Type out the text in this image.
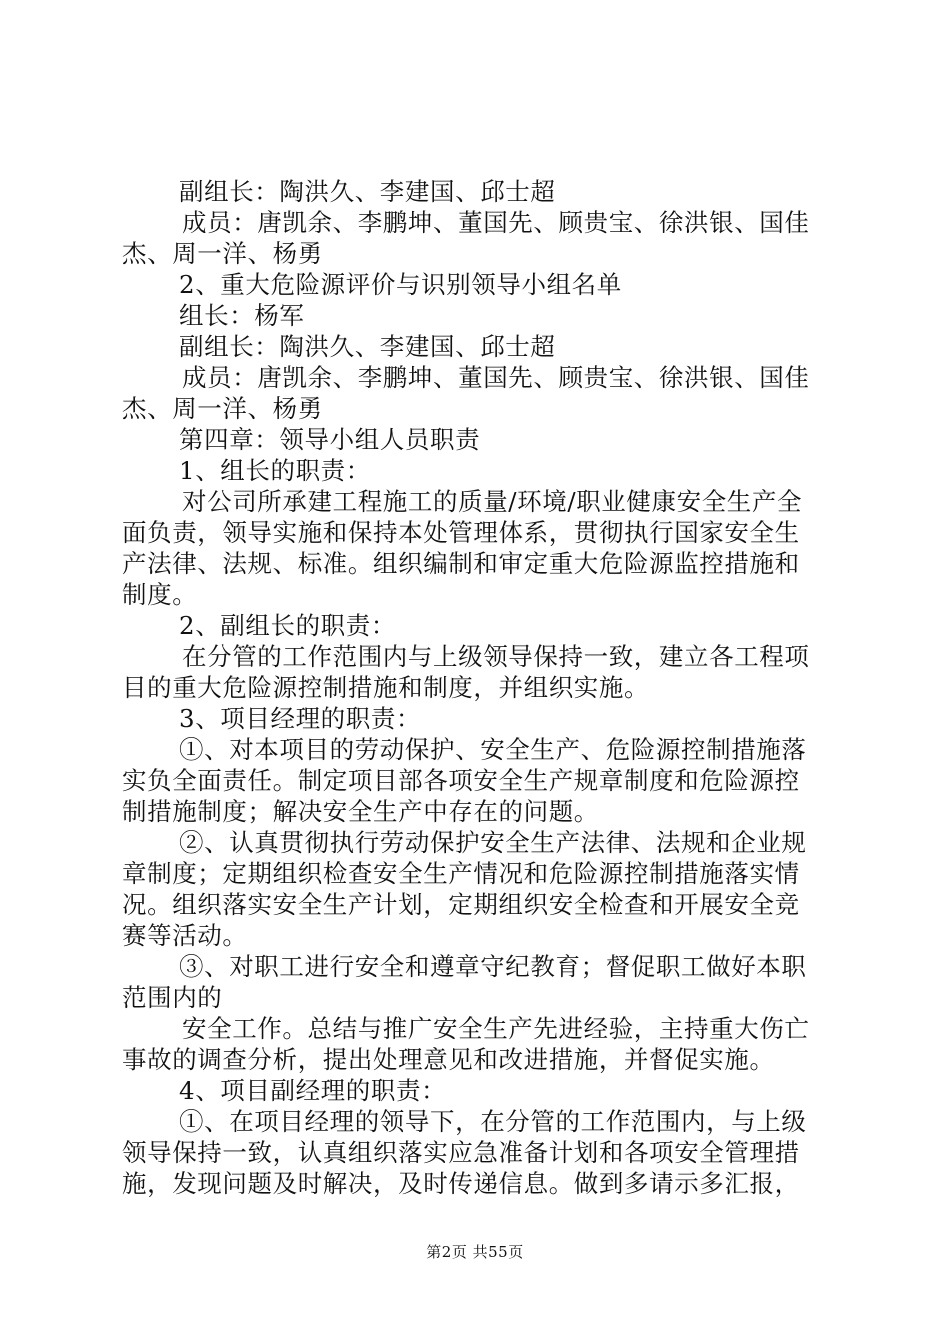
副组长：陶洪久、李建国、邱士超
成员：唐凯余、李鹏坤、董国先、顾贵宝、徐洪银、国佳
杰、周一洋、杨勇
2、重大危险源评价与识别领导小组名单
组长：杨军
副组长：陶洪久、李建国、邱士超
成员：唐凯余、李鹏坤、董国先、顾贵宝、徐洪银、国佳
杰、周一洋、杨勇
第四章：领导小组人员职责
1、组长的职责：
对公司所承建工程施工的质量/环境/职业健康安全生产全
面负责，领导实施和保持本处管理体系，贯彻执行国家安全生
产法律、法规、标准。组织编制和审定重大危险源监控措施和
制度。
2、副组长的职责：
在分管的工作范围内与上级领导保持一致，建立各工程项
目的重大危险源控制措施和制度，并组织实施。
3、项目经理的职责：
①、对本项目的劳动保护、安全生产、危险源控制措施落
实负全面责任。制定项目部各项安全生产规章制度和危险源控
制措施制度；解决安全生产中存在的问题。
②、认真贯彻执行劳动保护安全生产法律、法规和企业规
章制度；定期组织检查安全生产情况和危险源控制措施落实情
况。组织落实安全生产计划，定期组织安全检查和开展安全竞
赛等活动。
③、对职工进行安全和遵章守纪教育；督促职工做好本职
范围内的
安全工作。总结与推广安全生产先进经验，主持重大伤亡
事故的调查分析，提出处理意见和改进措施，并督促实施。
4、项目副经理的职责：
①、在项目经理的领导下，在分管的工作范围内，与上级
领导保持一致，认真组织落实应急准备计划和各项安全管理措
施，发现问题及时解决，及时传递信息。做到多请示多汇报，
第2页 共55页
